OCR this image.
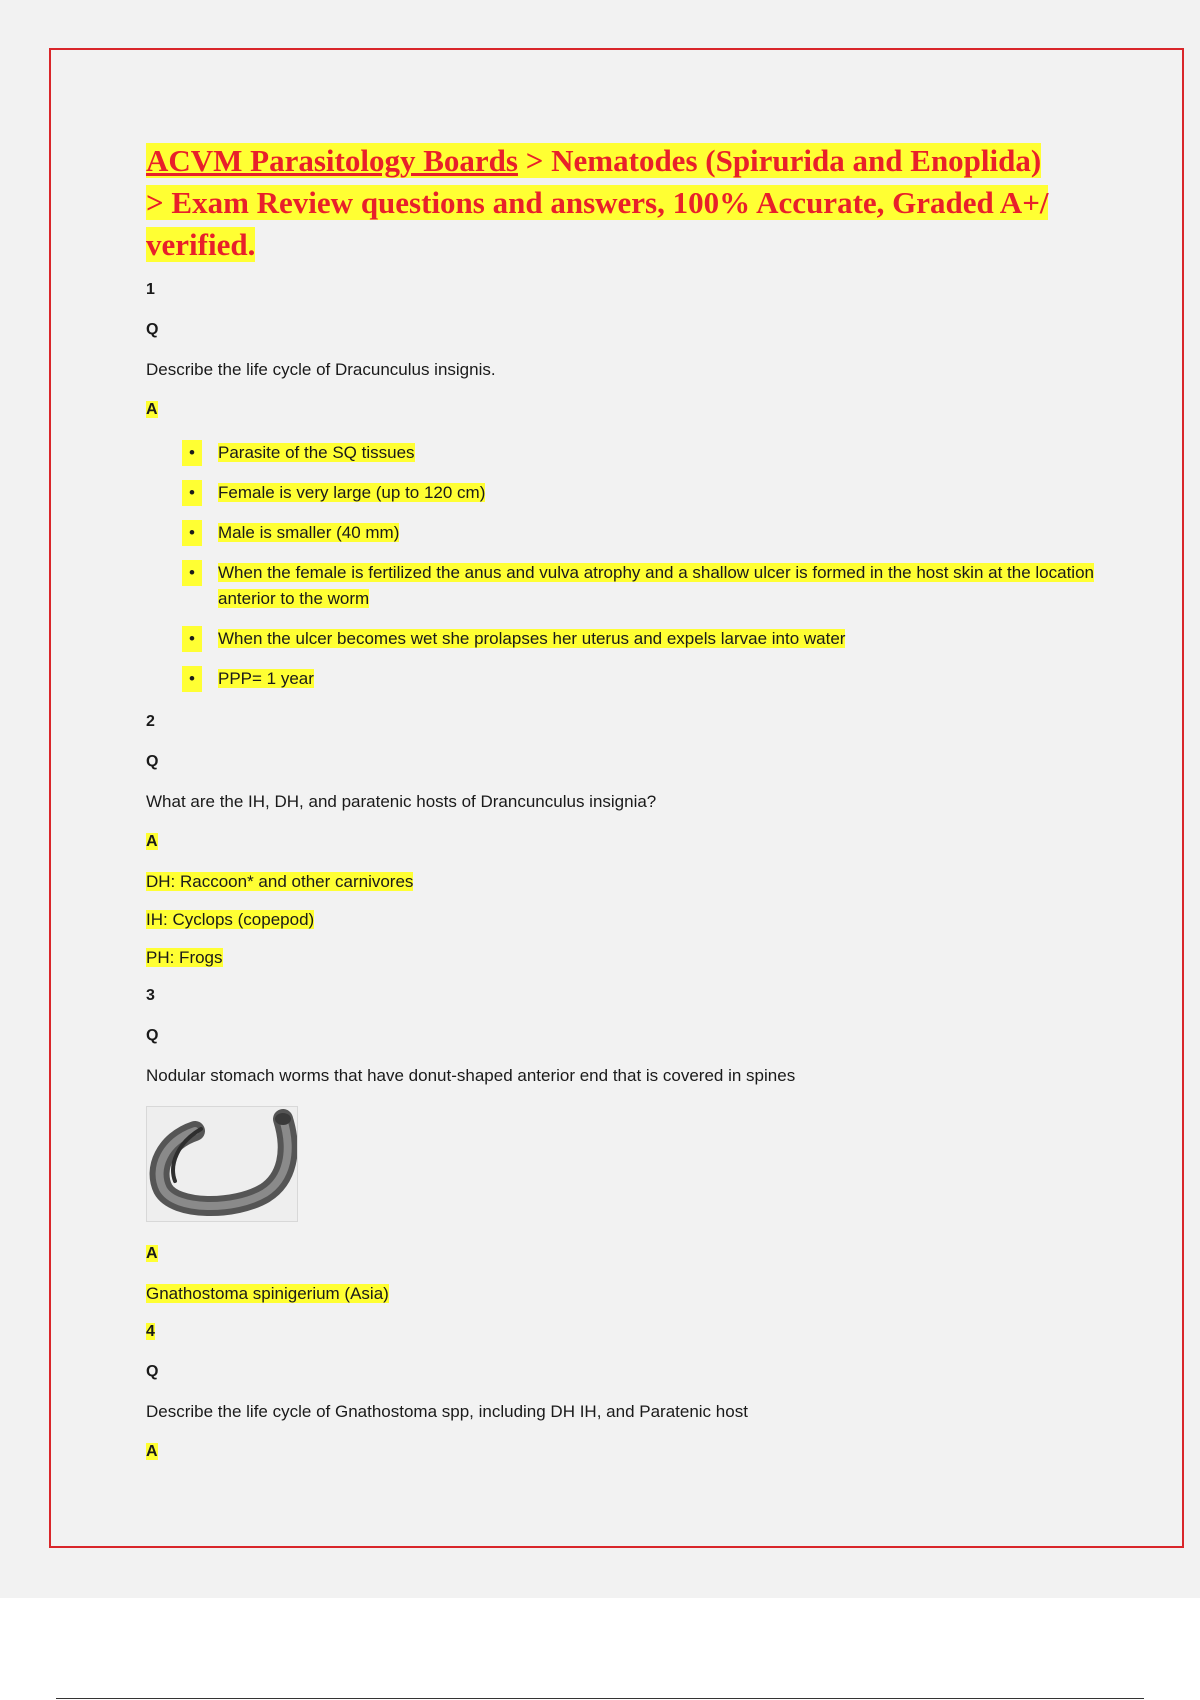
ACVM Parasitology Boards > Nematodes (Spirurida and Enoplida)
> Exam Review questions and answers, 100% Accurate, Graded A+/ verified.
1
Q
Describe the life cycle of Dracunculus insignis.
A
•	Parasite of the SQ tissues
•	Female is very large (up to 120 cm)
•	Male is smaller (40 mm)
•	When the female is fertilized the anus and vulva atrophy and a shallow ulcer is formed in the host skin at the location anterior to the worm
•	When the ulcer becomes wet she prolapses her uterus and expels larvae into water
•	PPP= 1 year
2
Q
What are the IH, DH, and paratenic hosts of Drancunculus insignia?
A
DH: Raccoon* and other carnivores
IH: Cyclops (copepod)
PH: Frogs
3
Q
Nodular stomach worms that have donut-shaped anterior end that is covered in spines
A
Gnathostoma spinigerium (Asia)
4
Q
Describe the life cycle of Gnathostoma spp, including DH IH, and Paratenic host
A
